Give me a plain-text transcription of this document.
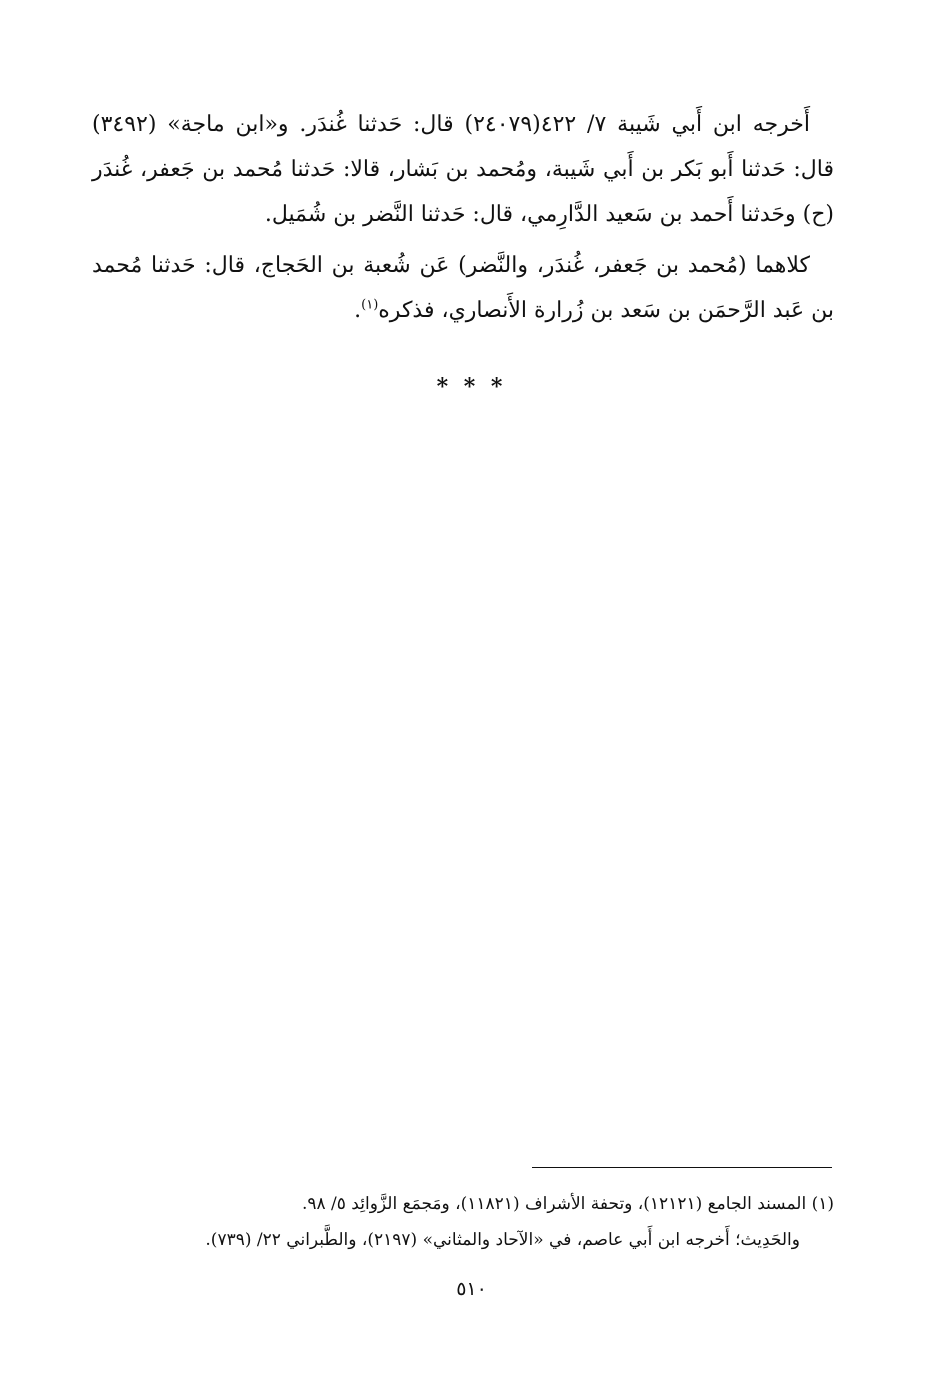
أَخرجه ابن أَبي شَيبة ٧/ ٤٢٢(٢٤٠٧٩) قال: حَدثنا غُندَر. و«ابن ماجة» (٣٤٩٢) قال: حَدثنا أَبو بَكر بن أَبي شَيبة، ومُحمد بن بَشار، قالا: حَدثنا مُحمد بن جَعفر، غُندَر (ح) وحَدثنا أَحمد بن سَعيد الدَّارِمي، قال: حَدثنا النَّضر بن شُمَيل.

كلاهما (مُحمد بن جَعفر، غُندَر، والنَّضر) عَن شُعبة بن الحَجاج، قال: حَدثنا مُحمد بن عَبد الرَّحمَن بن سَعد بن زُرارة الأَنصاري، فذكره$^{(١)}$.

* * *

(١) المسند الجامع (١٢١٢١)، وتحفة الأشراف (١١٨٢١)، ومَجمَع الزَّوائِد ٥/ ٩٨.

والحَدِيث؛ أَخرجه ابن أَبي عاصم، في «الآحاد والمثاني» (٢١٩٧)، والطَّبراني ٢٢/ (٧٣٩).

٥١٠
